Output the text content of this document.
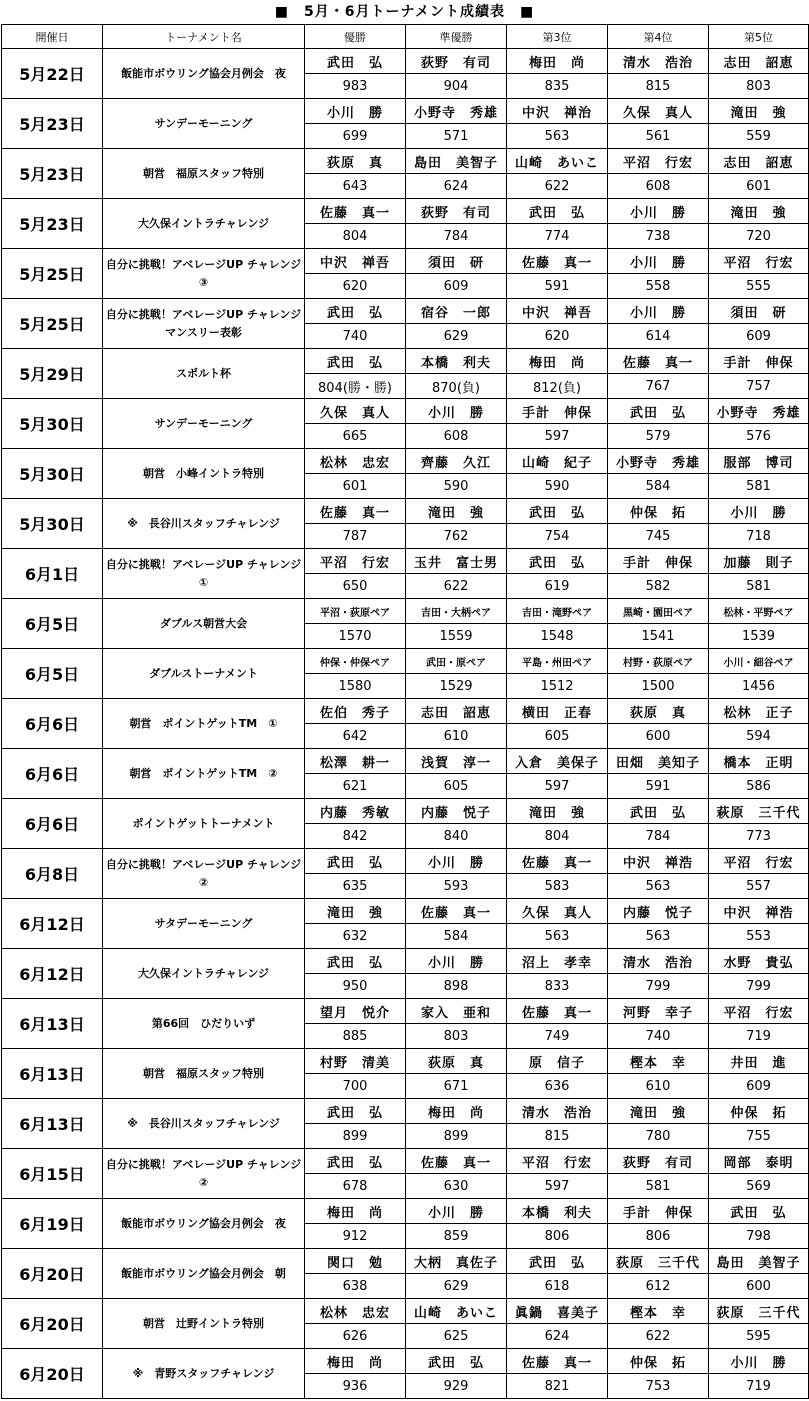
■　5月・6月トーナメント成績表　■
開催日	トーナメント名	優勝	準優勝	第3位	第4位	第5位
5月22日	飯能市ボウリング協会月例会　夜	武田　弘	荻野　有司	梅田　尚	清水　浩治	志田　詔恵
		983	904	835	815	803
5月23日	サンデーモーニング	小川　勝	小野寺　秀雄	中沢　禅治	久保　真人	滝田　強
		699	571	563	561	559
5月23日	朝営　福原スタッフ特別	荻原　真	島田　美智子	山崎　あいこ	平沼　行宏	志田　詔恵
		643	624	622	608	601
5月23日	大久保イントラチャレンジ	佐藤　真一	荻野　有司	武田　弘	小川　勝	滝田　強
		804	784	774	738	720
5月25日	自分に挑戦！アベレージUP チャレンジ③	中沢　禅吾	須田　研	佐藤　真一	小川　勝	平沼　行宏
		620	609	591	558	555
5月25日	自分に挑戦！アベレージUP チャレンジ　マンスリー表彰	武田　弘	宿谷　一郎	中沢　禅吾	小川　勝	須田　研
		740	629	620	614	609
5月29日	スポルト杯	武田　弘	本橋　利夫	梅田　尚	佐藤　真一	手計　伸保
		804(勝・勝)	870(負)	812(負)	767	757
5月30日	サンデーモーニング	久保　真人	小川　勝	手計　伸保	武田　弘	小野寺　秀雄
		665	608	597	579	576
5月30日	朝営　小峰イントラ特別	松林　忠宏	齊藤　久江	山崎　紀子	小野寺　秀雄	服部　博司
		601	590	590	584	581
5月30日	※　長谷川スタッフチャレンジ	佐藤　真一	滝田　強	武田　弘	仲保　拓	小川　勝
		787	762	754	745	718
6月1日	自分に挑戦！アベレージUP チャレンジ①	平沼　行宏	玉井　富士男	武田　弘	手計　伸保	加藤　則子
		650	622	619	582	581
6月5日	ダブルス朝営大会	平沼・荻原ペア	吉田・大柄ペア	吉田・滝野ペア	黒崎・園田ペア	松林・平野ペア
		1570	1559	1548	1541	1539
6月5日	ダブルストーナメント	仲保・仲保ペア	武田・原ペア	平島・州田ペア	村野・荻原ペア	小川・細谷ペア
		1580	1529	1512	1500	1456
6月6日	朝営　ポイントゲットTM　①	佐伯　秀子	志田　詔恵	横田　正春	荻原　真	松林　正子
		642	610	605	600	594
6月6日	朝営　ポイントゲットTM　②	松澤　耕一	浅賀　淳一	入倉　美保子	田畑　美知子	橋本　正明
		621	605	597	591	586
6月6日	ポイントゲットトーナメント	内藤　秀敏	内藤　悦子	滝田　強	武田　弘	萩原　三千代
		842	840	804	784	773
6月8日	自分に挑戦！アベレージUP チャレンジ②	武田　弘	小川　勝	佐藤　真一	中沢　禅浩	平沼　行宏
		635	593	583	563	557
6月12日	サタデーモーニング	滝田　強	佐藤　真一	久保　真人	内藤　悦子	中沢　禅浩
		632	584	563	563	553
6月12日	大久保イントラチャレンジ	武田　弘	小川　勝	沼上　孝幸	清水　浩治	水野　貴弘
		950	898	833	799	799
6月13日	第66回　ひだりいず	望月　悦介	家入　亜和	佐藤　真一	河野　幸子	平沼　行宏
		885	803	749	740	719
6月13日	朝営　福原スタッフ特別	村野　清美	荻原　真	原　信子	樫本　幸	井田　進
		700	671	636	610	609
6月13日	※　長谷川スタッフチャレンジ	武田　弘	梅田　尚	清水　浩治	滝田　強	仲保　拓
		899	899	815	780	755
6月15日	自分に挑戦！アベレージUP チャレンジ②	武田　弘	佐藤　真一	平沼　行宏	荻野　有司	岡部　泰明
		678	630	597	581	569
6月19日	飯能市ボウリング協会月例会　夜	梅田　尚	小川　勝	本橋　利夫	手計　伸保	武田　弘
		912	859	806	806	798
6月20日	飯能市ボウリング協会月例会　朝	関口　勉	大柄　真佐子	武田　弘	荻原　三千代	島田　美智子
		638	629	618	612	600
6月20日	朝営　辻野イントラ特別	松林　忠宏	山崎　あいこ	眞鍋　喜美子	樫本　幸	荻原　三千代
		626	625	624	622	595
6月20日	※　青野スタッフチャレンジ	梅田　尚	武田　弘	佐藤　真一	仲保　拓	小川　勝
		936	929	821	753	719
